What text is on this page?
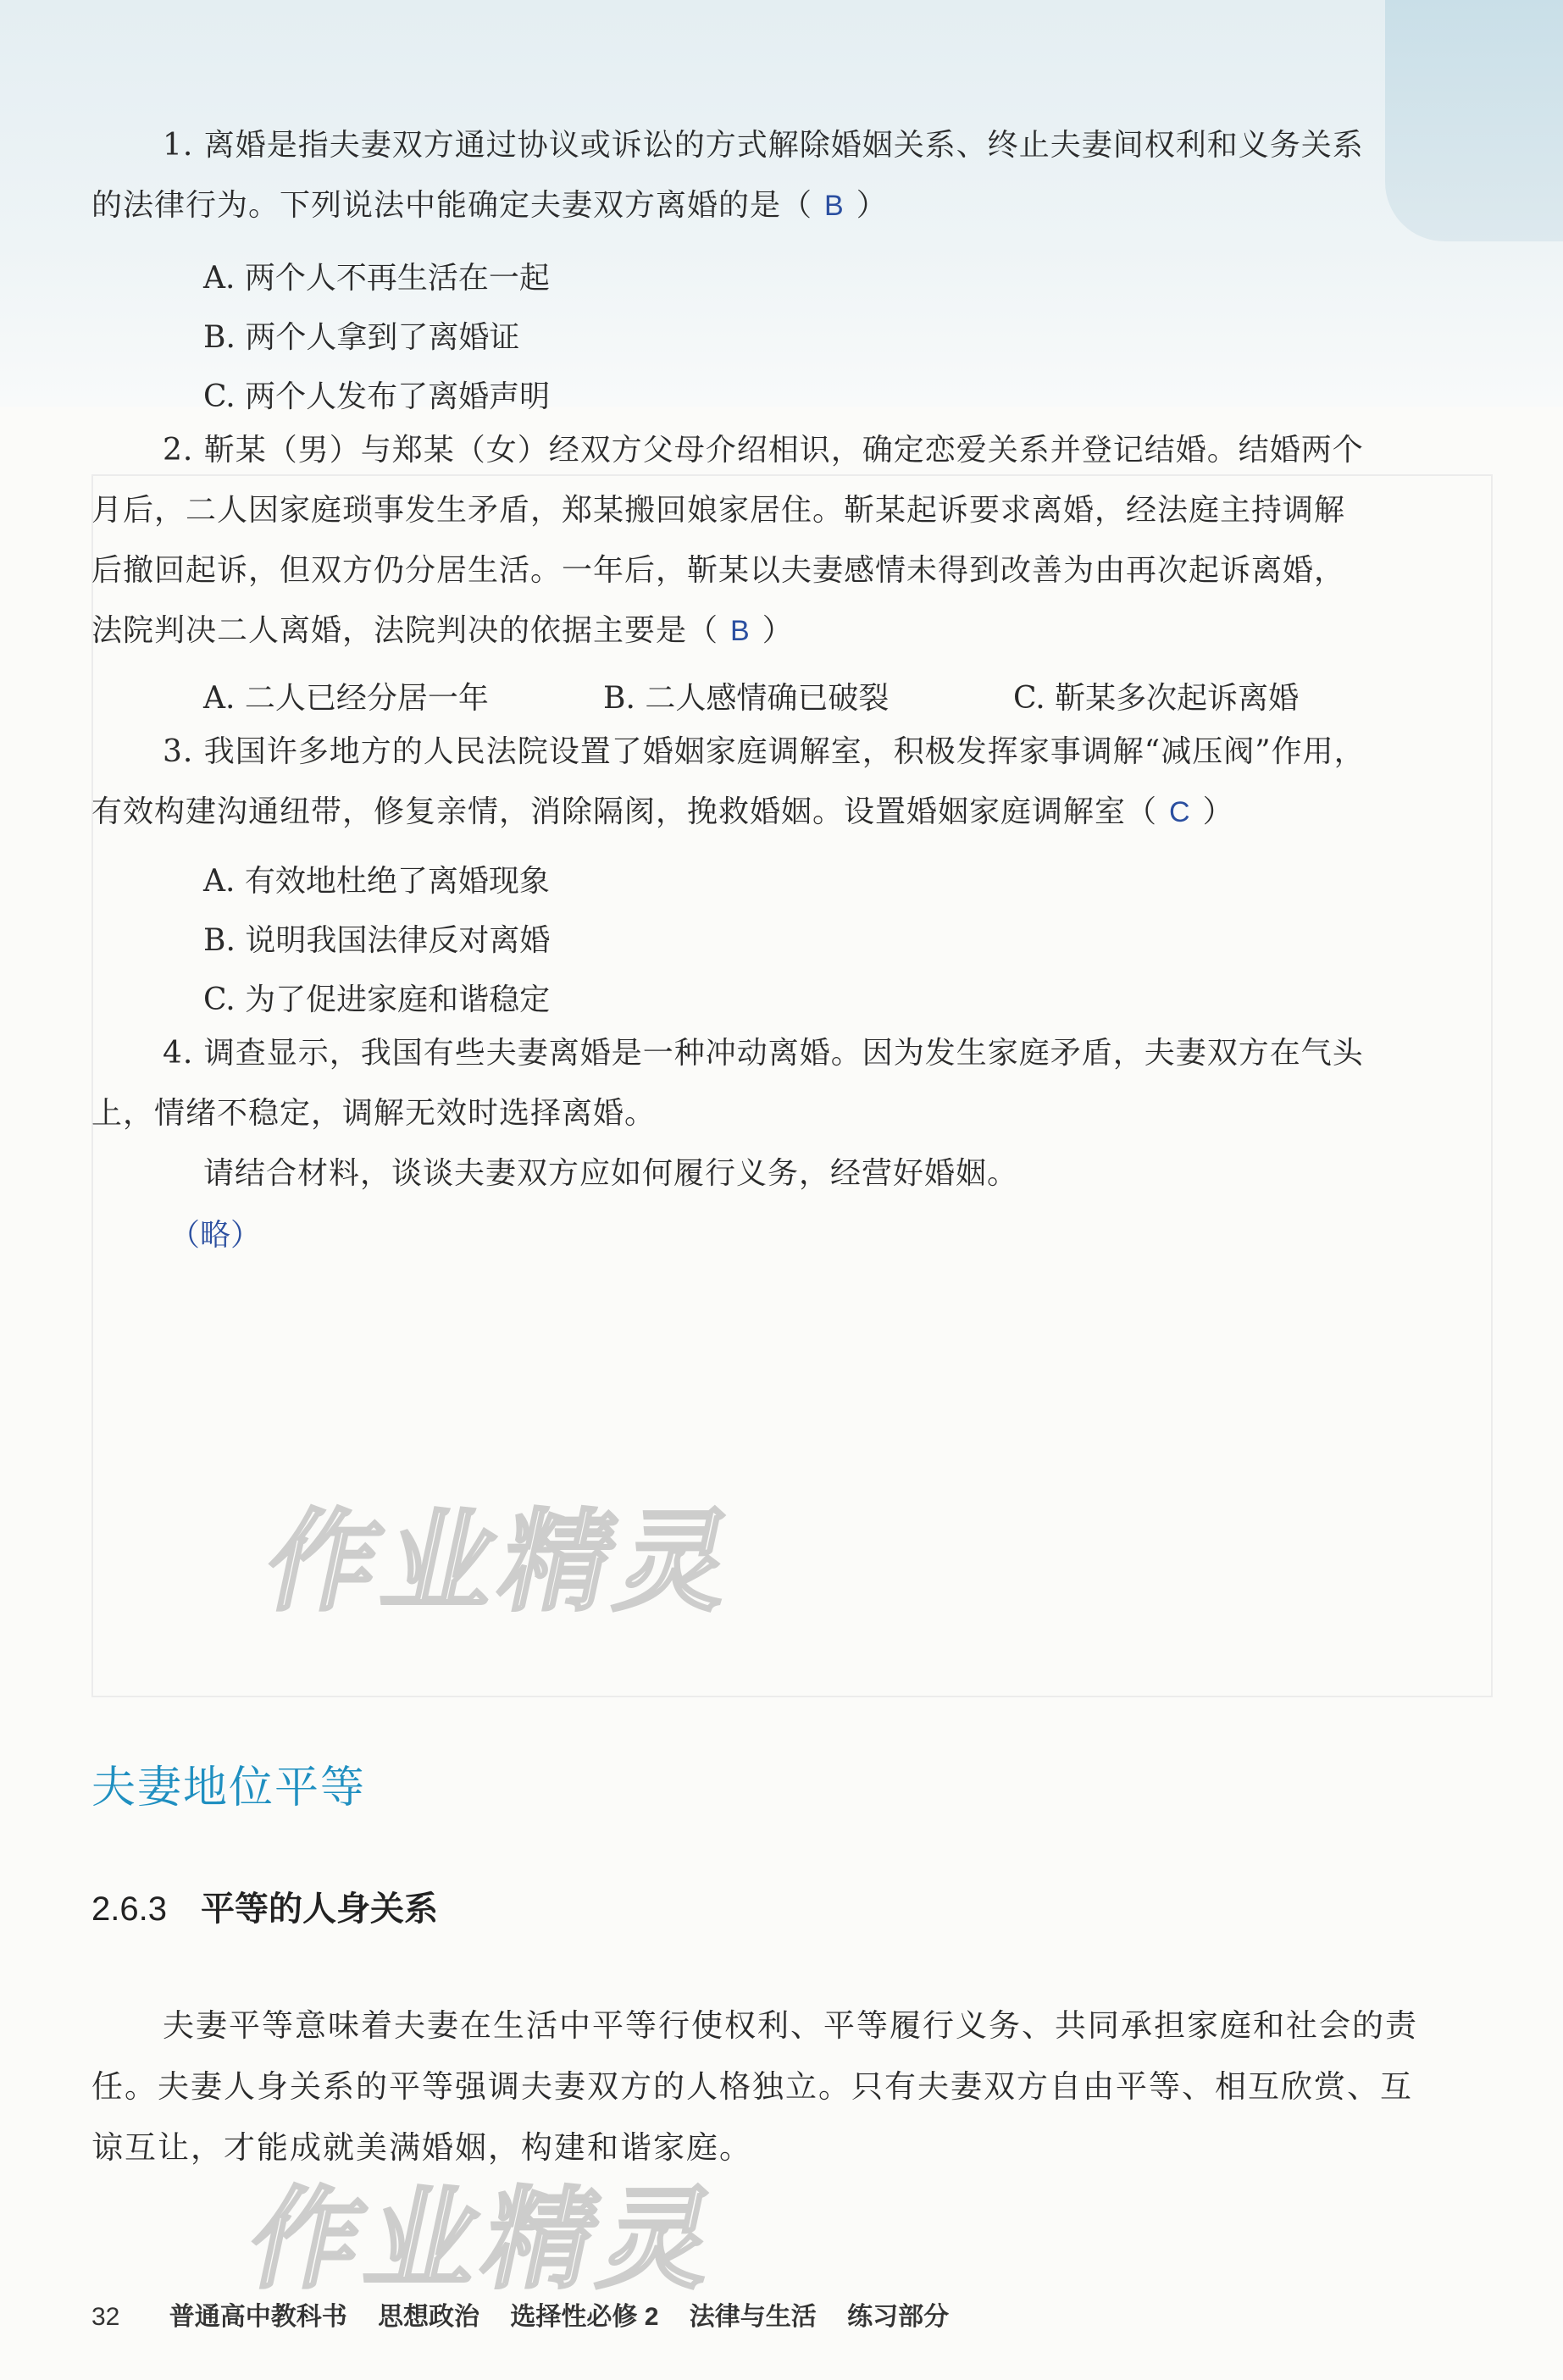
1. 离婚是指夫妻双方通过协议或诉讼的方式解除婚姻关系、终止夫妻间权利和义务关系
的法律行为。下列说法中能确定夫妻双方离婚的是（ B ）
A. 两个人不再生活在一起
B. 两个人拿到了离婚证
C. 两个人发布了离婚声明
2. 靳某（男）与郑某（女）经双方父母介绍相识，确定恋爱关系并登记结婚。结婚两个
月后，二人因家庭琐事发生矛盾，郑某搬回娘家居住。靳某起诉要求离婚，经法庭主持调解
后撤回起诉，但双方仍分居生活。一年后，靳某以夫妻感情未得到改善为由再次起诉离婚，
法院判决二人离婚，法院判决的依据主要是（ B ）
A. 二人已经分居一年	B. 二人感情确已破裂	C. 靳某多次起诉离婚
3. 我国许多地方的人民法院设置了婚姻家庭调解室，积极发挥家事调解“减压阀”作用，
有效构建沟通纽带，修复亲情，消除隔阂，挽救婚姻。设置婚姻家庭调解室（ C ）
A. 有效地杜绝了离婚现象
B. 说明我国法律反对离婚
C. 为了促进家庭和谐稳定
4. 调查显示，我国有些夫妻离婚是一种冲动离婚。因为发生家庭矛盾，夫妻双方在气头
上，情绪不稳定，调解无效时选择离婚。
请结合材料，谈谈夫妻双方应如何履行义务，经营好婚姻。
（略）
作业精灵
作业精灵
夫妻地位平等
2.6.3 平等的人身关系
夫妻平等意味着夫妻在生活中平等行使权利、平等履行义务、共同承担家庭和社会的责
任。夫妻人身关系的平等强调夫妻双方的人格独立。只有夫妻双方自由平等、相互欣赏、互
谅互让，才能成就美满婚姻，构建和谐家庭。
32 普通高中教科书 思想政治 选择性必修 2 法律与生活 练习部分
